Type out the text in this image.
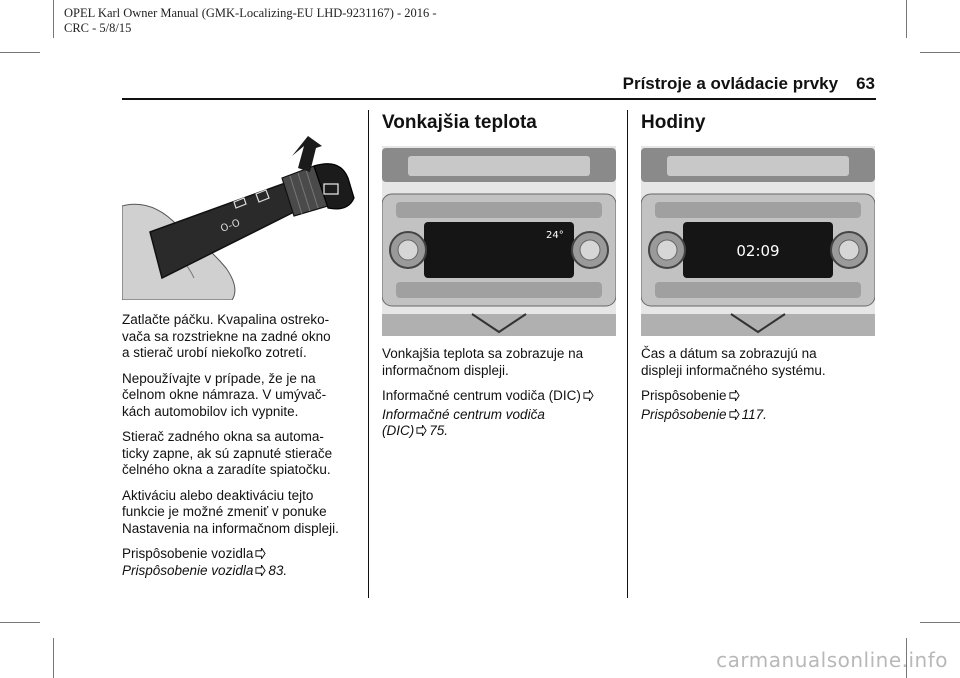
OPEL Karl Owner Manual (GMK-Localizing-EU LHD-9231167) - 2016 -
CRC - 5/8/15
Prístroje a ovládacie prvky 63
O-O

Zatlačte páčku. Kvapalina ostreko-
vača sa rozstriekne na zadné okno
a stierač urobí niekoľko zotretí.

Nepoužívajte v prípade, že je na
čelnom okne námraza. V umývač-
kách automobilov ich vypnite.

Stierač zadného okna sa automa-
ticky zapne, ak sú zapnuté stierače
čelného okna a zaradíte spiatočku.

Aktiváciu alebo deaktiváciu tejto
funkcie je možné zmeniť v ponuke
Nastavenia na informačnom displeji.

Prispôsobenie vozidla
Prispôsobenie vozidla 83.

Vonkajšia teplota
24°

Vonkajšia teplota sa zobrazuje na
informačnom displeji.

Informačné centrum vodiča (DIC)

Informačné centrum vodiča
(DIC) 75.

Hodiny
02:09

Čas a dátum sa zobrazujú na
displeji informačného systému.

Prispôsobenie

Prispôsobenie 117.

carmanualsonline.info
